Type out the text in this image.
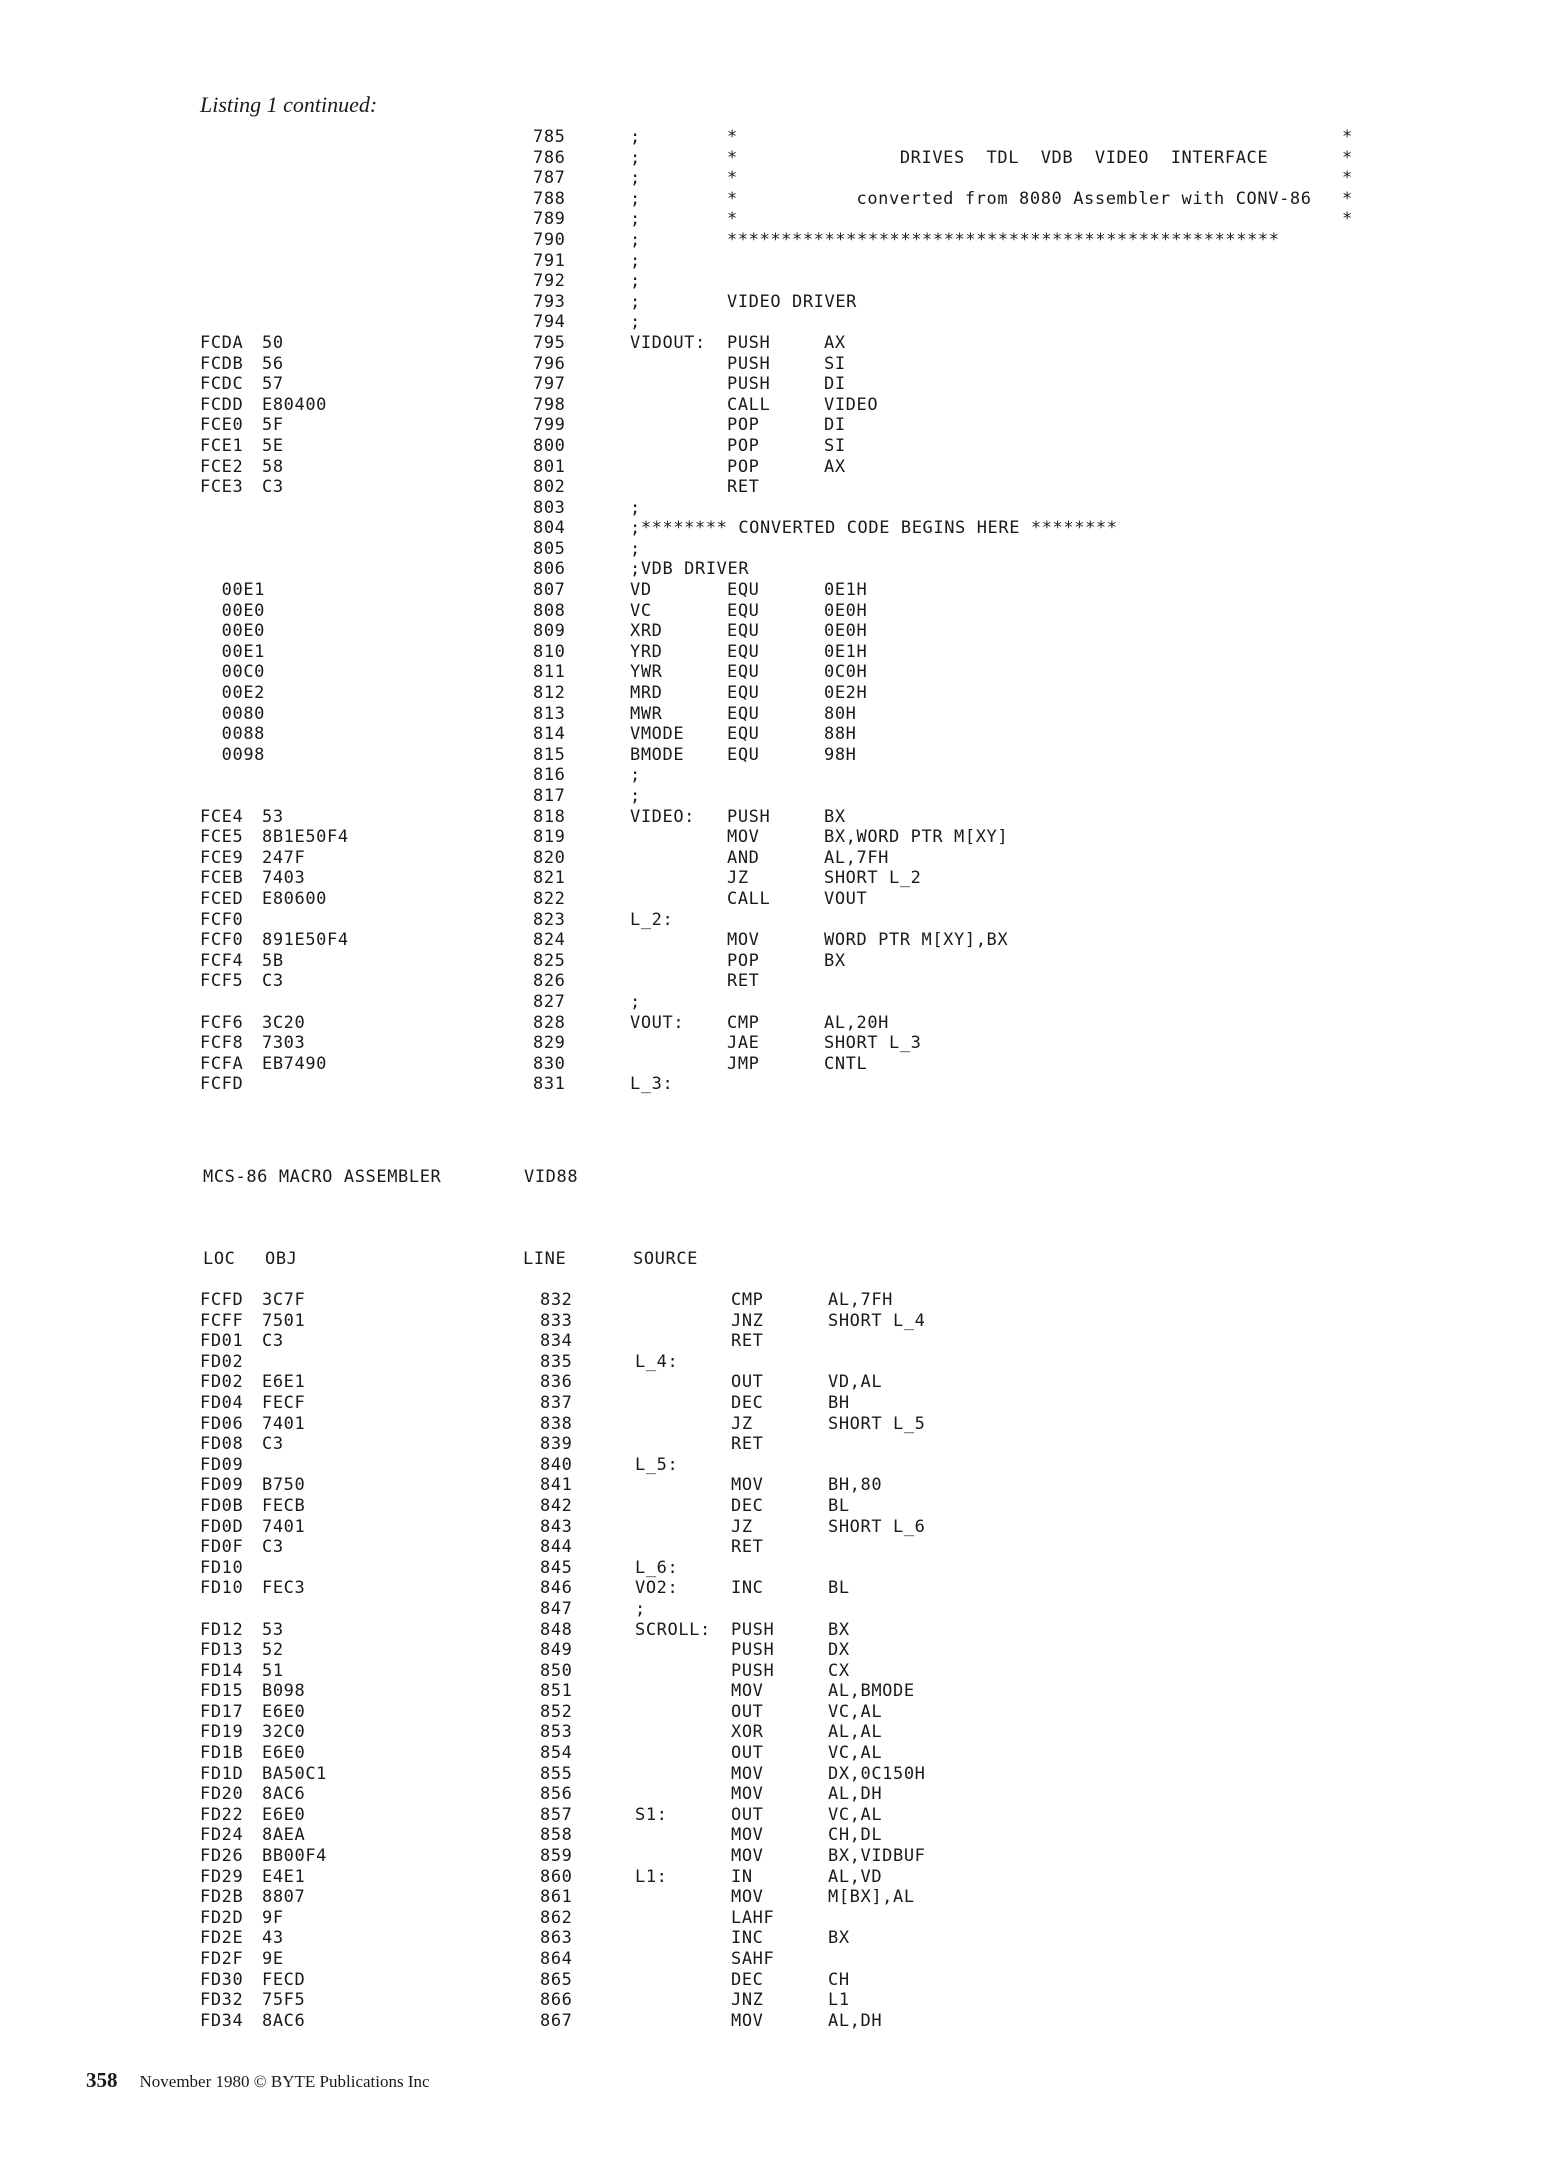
Listing 1 continued:
785	;	*	*
786	;	*	DRIVES  TDL  VDB  VIDEO  INTERFACE	*
787	;	*	*
788	;	*	converted from 8080 Assembler with CONV-86 *
789	;	*	*
790	;	***************************************************
791	;
792	;
793	;	VIDEO DRIVER
794	;
FCDA 50	795	VIDOUT: PUSH	AX
FCDB 56	796	PUSH	SI
FCDC 57	797	PUSH	DI
FCDD E80400	798	CALL	VIDEO
FCE0 5F	799	POP	DI
FCE1 5E	800	POP	SI
FCE2 58	801	POP	AX
FCE3 C3	802	RET
803	;
804	;******** CONVERTED CODE BEGINS HERE ********
805	;
806	;VDB DRIVER
00E1	807	VD	EQU	0E1H
00E0	808	VC	EQU	0E0H
00E0	809	XRD	EQU	0E0H
00E1	810	YRD	EQU	0E1H
00C0	811	YWR	EQU	0C0H
00E2	812	MRD	EQU	0E2H
0080	813	MWR	EQU	80H
0088	814	VMODE	EQU	88H
0098	815	BMODE	EQU	98H
816	;
817	;
FCE4 53	818	VIDEO: PUSH	BX
FCE5 8B1E50F4	819	MOV	BX,WORD PTR M[XY]
FCE9 247F	820	AND	AL,7FH
FCEB 7403	821	JZ	SHORT L_2
FCED E80600	822	CALL	VOUT
FCF0	823	L_2:
FCF0 891E50F4	824	MOV	WORD PTR M[XY],BX
FCF4 5B	825	POP	BX
FCF5 C3	826	RET
827	;
FCF6 3C20	828	VOUT:	CMP	AL,20H
FCF8 7303	829	JAE	SHORT L_3
FCFA EB7490	830	JMP	CNTL
FCFD	831	L_3:
MCS-86 MACRO ASSEMBLER	VID88
LOC OBJ	LINE	SOURCE
FCFD 3C7F	832	CMP	AL,7FH
FCFF 7501	833	JNZ	SHORT L_4
FD01 C3	834	RET
FD02	835	L_4:
FD02 E6E1	836	OUT	VD,AL
FD04 FECF	837	DEC	BH
FD06 7401	838	JZ	SHORT L_5
FD08 C3	839	RET
FD09	840	L_5:
FD09 B750	841	MOV	BH,80
FD0B FECB	842	DEC	BL
FD0D 7401	843	JZ	SHORT L_6
FD0F C3	844	RET
FD10	845	L_6:
FD10 FEC3	846	VO2:	INC	BL
847	;
FD12 53	848	SCROLL: PUSH	BX
FD13 52	849	PUSH	DX
FD14 51	850	PUSH	CX
FD15 B098	851	MOV	AL,BMODE
FD17 E6E0	852	OUT	VC,AL
FD19 32C0	853	XOR	AL,AL
FD1B E6E0	854	OUT	VC,AL
FD1D BA50C1	855	MOV	DX,0C150H
FD20 8AC6	856	MOV	AL,DH
FD22 E6E0	857	S1:	OUT	VC,AL
FD24 8AEA	858	MOV	CH,DL
FD26 BB00F4	859	MOV	BX,VIDBUF
FD29 E4E1	860	L1:	IN	AL,VD
FD2B 8807	861	MOV	M[BX],AL
FD2D 9F	862	LAHF
FD2E 43	863	INC	BX
FD2F 9E	864	SAHF
FD30 FECD	865	DEC	CH
FD32 75F5	866	JNZ	L1
FD34 8AC6	867	MOV	AL,DH
358 November 1980 © BYTE Publications Inc
